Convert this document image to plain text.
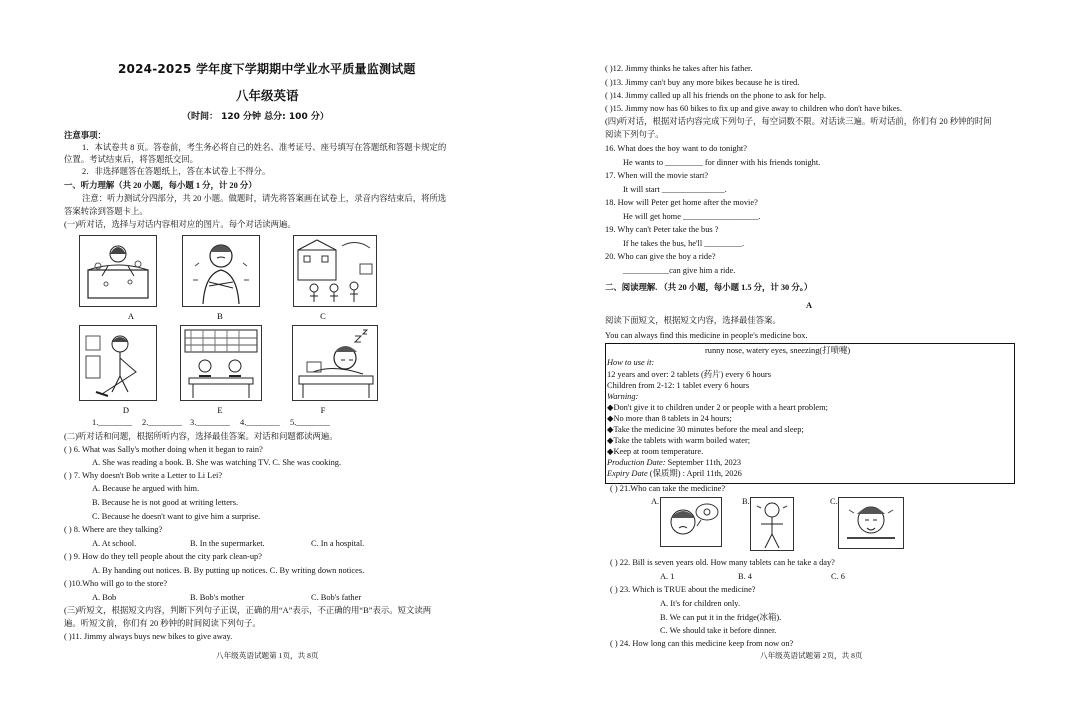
2024-2025 学年度下学期期中学业水平质量监测试题
八年级英语
（时间： 120 分钟 总分: 100 分）
注意事项：
1．本试卷共 8 页。答卷前，考生务必将自己的姓名、准考证号、座号填写在答题纸和答题卡规定的
位置。考试结束后，将答题纸交回。
2．非选择题答在答题纸上，答在本试卷上不得分。
一、听力理解（共 20 小题，每小题 1 分，计 20 分）
注意：听力测试分四部分，共 20 小题。做题时，请先将答案画在试卷上，录音内容结束后，将所选
答案转涂到答题卡上。
(一)听对话，选择与对话内容相对应的图片。每个对话读两遍。
A	B	C
D	E	F
1.________ 2.________ 3.________ 4.________ 5.________
(二)听对话和问题，根据所听内容，选择最佳答案。对话和问题都读两遍。
( ) 6. What was Sally's mother doing when it began to rain?
A. She was reading a book. B. She was watching TV. C. She was cooking.
( ) 7. Why doesn't Bob write a Letter to Li Lei?
A. Because he argued with him.
B. Because he is not good at writing letters.
C. Because he doesn't want to give him a surprise.
( ) 8. Where are they talking?
A. At school.	B. In the supermarket.	C. In a hospital.
( ) 9. How do they tell people about the city park clean-up?
A. By handing out notices. B. By putting up notices. C. By writing down notices.
( )10.Who will go to the store?
A. Bob	B. Bob's mother	C. Bob's father
(三)听短文，根据短文内容，判断下列句子正误，正确的用“A”表示，不正确的用“B”表示。短文读两
遍。听短文前，你们有 20 秒钟的时间阅读下列句子。
( )11. Jimmy always buys new bikes to give away.
八年级英语试题第 1页，共 8页
( )12. Jimmy thinks he takes after his father.
( )13. Jimmy can't buy any more bikes because he is tired.
( )14. Jimmy called up all his friends on the phone to ask for help.
( )15. Jimmy now has 60 bikes to fix up and give away to children who don't have bikes.
(四)听对话，根据对话内容完成下列句子，每空词数不限。对话读三遍。听对话前，你们有 20 秒钟的时间
阅读下列句子。
16. What does the boy want to do tonight?
He wants to _________ for dinner with his friends tonight.
17. When will the movie start?
It will start _______________.
18. How will Peter get home after the movie?
He will get home __________________.
19. Why can't Peter take the bus ?
If he takes the bus, he'll _________.
20. Who can give the boy a ride?
___________can give him a ride.
二、阅读理解. （共 20 小题，每小题 1.5 分，计 30 分。）
A
阅读下面短文，根据短文内容，选择最佳答案。
You can always find this medicine in people's medicine box.
runny nose, watery eyes, sneezing(打喷嚏)
How to use it:
12 years and over: 2 tablets (药片) every 6 hours
Children from 2-12: 1 tablet every 6 hours
Warning:
◆Don't give it to children under 2 or people with a heart problem;
◆No more than 8 tablets in 24 hours;
◆Take the medicine 30 minutes before the meal and sleep;
◆Take the tablets with warm boiled water;
◆Keep at room temperature.
Production Date: September 11th, 2023
Expiry Date (保质期) : April 11th, 2026
( ) 21.Who can take the medicine?
A.	B.	C.
( ) 22. Bill is seven years old. How many tablets can he take a day?
A. 1	B. 4	C. 6
( ) 23. Which is TRUE about the medicine?
A. It's for children only.
B. We can put it in the fridge(冰箱).
C. We should take it before dinner.
( ) 24. How long can this medicine keep from now on?
八年级英语试题第 2页，共 8页
